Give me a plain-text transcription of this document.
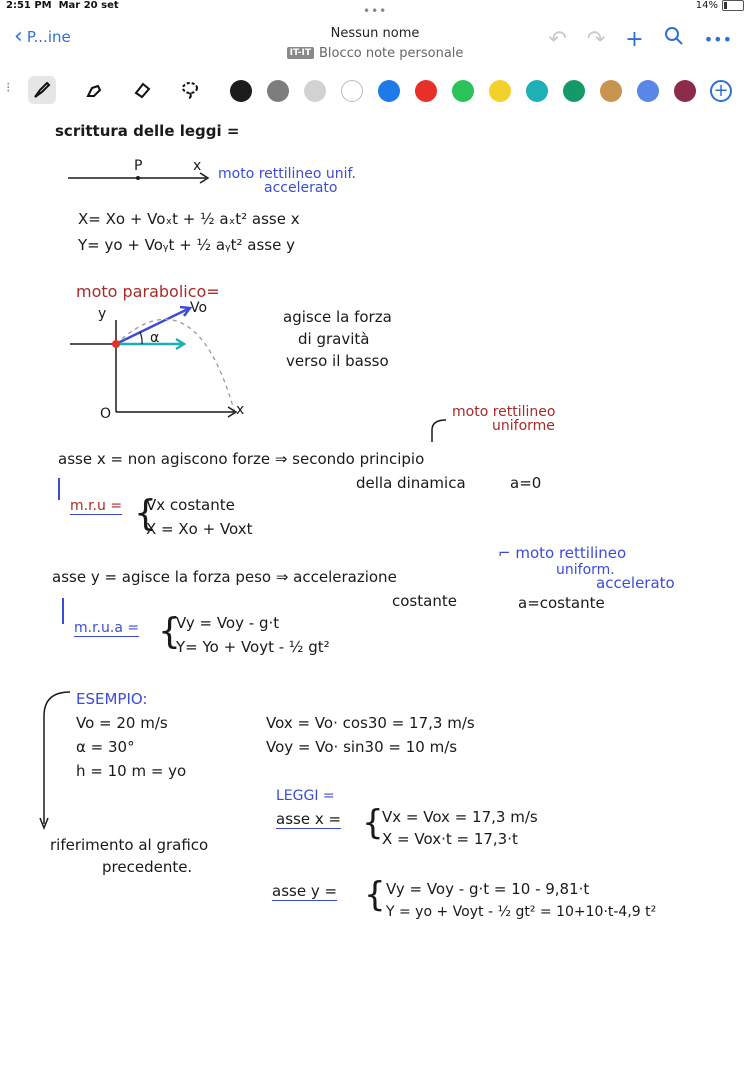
2:51 PM Mar 20 set	•••	14%
‹ P...ine	Nessun nome
IT-IT Blocco note personale
↶ ↷ +	•••
⁝	+
scrittura delle leggi =
P	x moto rettilineo unif.
accelerato
X= Xo + Voₓt + ½ aₓt² asse x
Y= yo + Voᵧt + ½ aᵧt² asse y
moto parabolico=
y	Vo
α
O	x
agisce la forza
di gravità
verso il basso
moto rettilineo
uniforme
asse x = non agiscono forze ⇒ secondo principio
della dinamica	a=0
m.r.u = Vx costante
X = Xo + Voxt
{
⌐ moto rettilineo
uniform.
accelerato
asse y = agisce la forza peso ⇒ accelerazione
costante	a=costante
m.r.u.a = {
Vy = Voy - g·t
Y= Yo + Voyt - ½ gt²
ESEMPIO:
Vo = 20 m/s
α = 30°
h = 10 m = yo
Vox = Vo· cos30 = 17,3 m/s
Voy = Vo· sin30 = 10 m/s
LEGGI =
asse x = {
Vx = Vox = 17,3 m/s
X = Vox·t = 17,3·t
riferimento al grafico
precedente.
asse y = { Vy = Voy - g·t = 10 - 9,81·t
Y = yo + Voyt - ½ gt² = 10+10·t-4,9 t²
